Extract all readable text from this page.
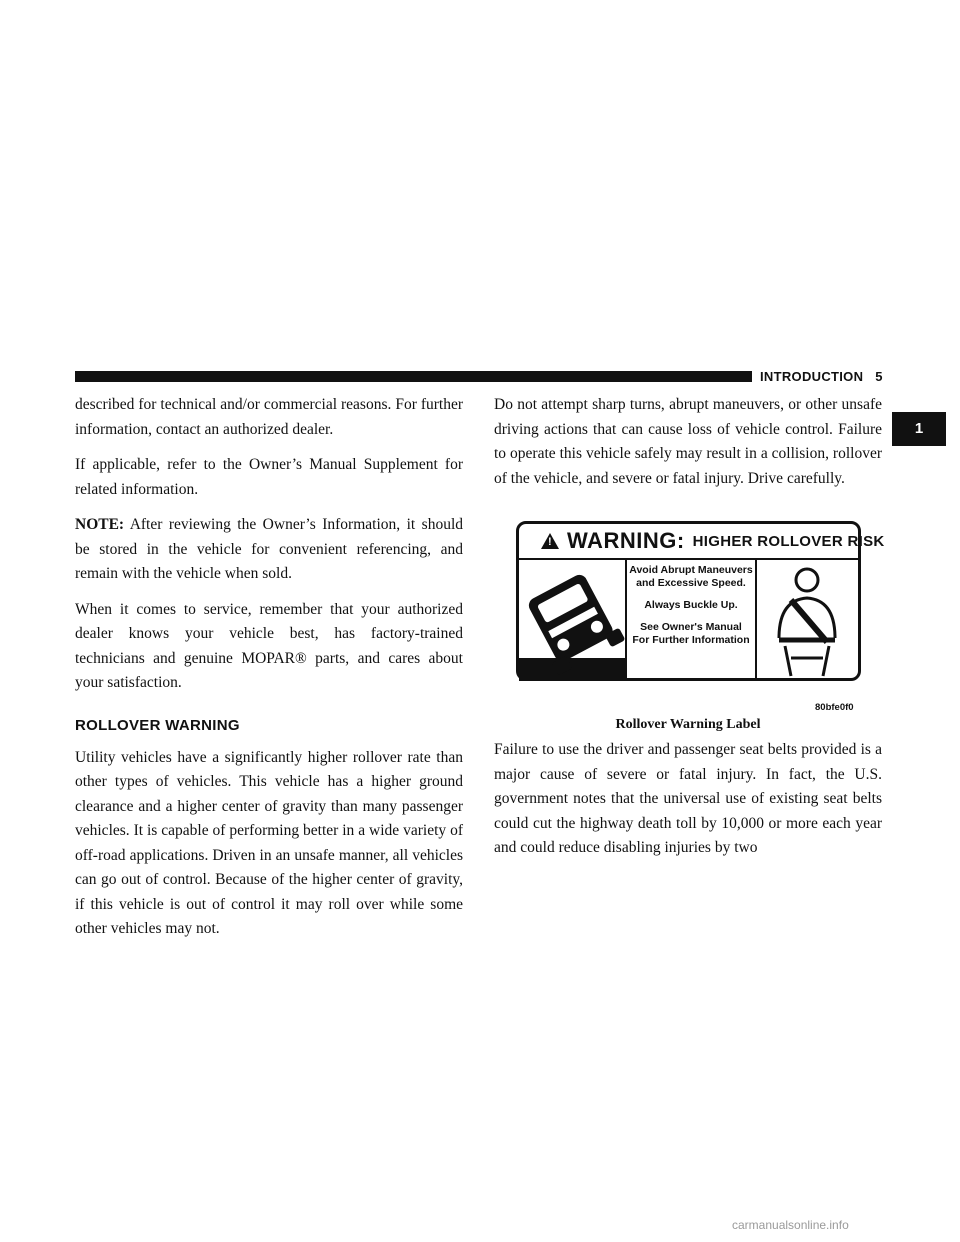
INTRODUCTION 5
1

described for technical and/or commercial reasons. For further information, contact an authorized dealer.

If applicable, refer to the Owner’s Manual Supplement for related information.

NOTE: After reviewing the Owner’s Information, it should be stored in the vehicle for convenient referencing, and remain with the vehicle when sold.

When it comes to service, remember that your authorized dealer knows your vehicle best, has factory-trained technicians and genuine MOPAR® parts, and cares about your satisfaction.

ROLLOVER WARNING

Utility vehicles have a significantly higher rollover rate than other types of vehicles. This vehicle has a higher ground clearance and a higher center of gravity than many passenger vehicles. It is capable of performing better in a wide variety of off-road applications. Driven in an unsafe manner, all vehicles can go out of control. Because of the higher center of gravity, if this vehicle is out of control it may roll over while some other vehicles may not.

Do not attempt sharp turns, abrupt maneuvers, or other unsafe driving actions that can cause loss of vehicle control. Failure to operate this vehicle safely may result in a collision, rollover of the vehicle, and severe or fatal injury. Drive carefully.

!
WARNING: HIGHER ROLLOVER RISK
Avoid Abrupt Maneuvers
and Excessive Speed.
Always Buckle Up.
See Owner's Manual
For Further Information
80bfe0f0
Rollover Warning Label

Failure to use the driver and passenger seat belts provided is a major cause of severe or fatal injury. In fact, the U.S. government notes that the universal use of existing seat belts could cut the highway death toll by 10,000 or more each year and could reduce disabling injuries by two

carmanualsonline.info
